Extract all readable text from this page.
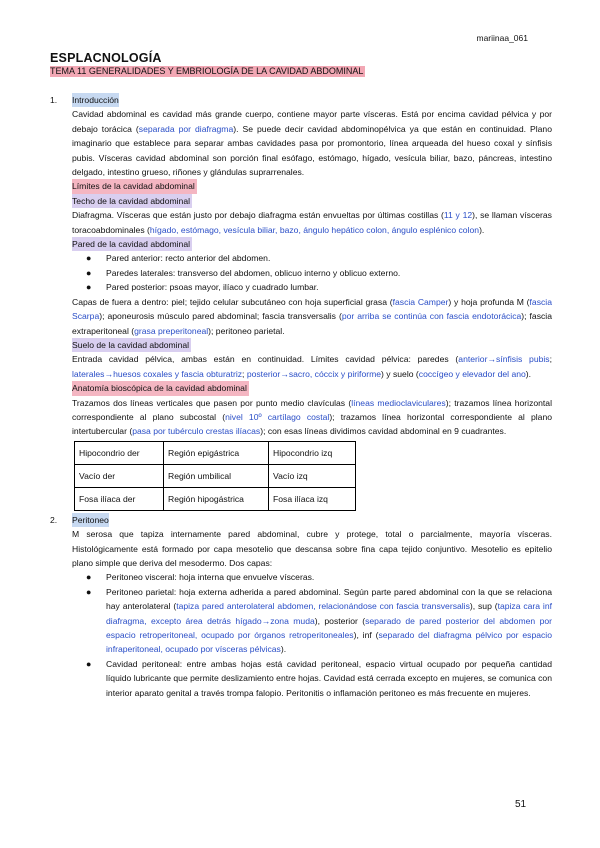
mariinaa_061
ESPLACNOLOGÍA
TEMA 11 GENERALIDADES Y EMBRIOLOGÍA DE LA CAVIDAD ABDOMINAL
1.	Introducción
Cavidad abdominal es cavidad más grande cuerpo, contiene mayor parte vísceras. Está por encima cavidad pélvica y por debajo torácica (separada por diafragma). Se puede decir cavidad abdominopélvica ya que están en continuidad. Plano imaginario que establece para separar ambas cavidades pasa por promontorio, línea arqueada del hueso coxal y sínfisis pubis. Vísceras cavidad abdominal son porción final esófago, estómago, hígado, vesícula biliar, bazo, páncreas, intestino delgado, intestino grueso, riñones y glándulas suprarrenales.
Límites de la cavidad abdominal
Techo de la cavidad abdominal
Diafragma. Vísceras que están justo por debajo diafragma están envueltas por últimas costillas (11 y 12), se llaman vísceras toracoabdominales (hígado, estómago, vesícula biliar, bazo, ángulo hepático colon, ángulo esplénico colon).
Pared de la cavidad abdominal
● Pared anterior: recto anterior del abdomen.
● Paredes laterales: transverso del abdomen, oblicuo interno y oblicuo externo.
● Pared posterior: psoas mayor, ilíaco y cuadrado lumbar.
Capas de fuera a dentro: piel; tejido celular subcutáneo con hoja superficial grasa (fascia Camper) y hoja profunda M (fascia Scarpa); aponeurosis músculo pared abdominal; fascia transversalis (por arriba se continúa con fascia endotorácica); fascia extraperitoneal (grasa preperitoneal); peritoneo parietal.
Suelo de la cavidad abdominal
Entrada cavidad pélvica, ambas están en continuidad. Límites cavidad pélvica: paredes (anterior→sínfisis pubis; laterales→huesos coxales y fascia obturatriz; posterior→sacro, cóccix y piriforme) y suelo (coccígeo y elevador del ano).
Anatomía bioscópica de la cavidad abdominal
Trazamos dos líneas verticales que pasen por punto medio clavículas (líneas medioclaviculares); trazamos línea horizontal correspondiente al plano subcostal (nivel 10º cartílago costal); trazamos línea horizontal correspondiente al plano intertubercular (pasa por tubérculo crestas ilíacas); con esas líneas dividimos cavidad abdominal en 9 cuadrantes.
Hipocondrio der	Región epigástrica	Hipocondrio izq
Vacío der	Región umbilical	Vacío izq
Fosa ilíaca der	Región hipogástrica	Fosa ilíaca izq
2.	Peritoneo
M serosa que tapiza internamente pared abdominal, cubre y protege, total o parcialmente, mayoría vísceras. Histológicamente está formado por capa mesotelio que descansa sobre fina capa tejido conjuntivo. Mesotelio es epitelio plano simple que deriva del mesodermo. Dos capas:
● Peritoneo visceral: hoja interna que envuelve vísceras.
● Peritoneo parietal: hoja externa adherida a pared abdominal. Según parte pared abdominal con la que se relaciona hay anterolateral (tapiza pared anterolateral abdomen, relacionándose con fascia transversalis), sup (tapiza cara inf diafragma, excepto área detrás hígado→zona muda), posterior (separado de pared posterior del abdomen por espacio retroperitoneal, ocupado por órganos retroperitoneales), inf (separado del diafragma pélvico por espacio infraperitoneal, ocupado por vísceras pélvicas).
● Cavidad peritoneal: entre ambas hojas está cavidad peritoneal, espacio virtual ocupado por pequeña cantidad líquido lubricante que permite deslizamiento entre hojas. Cavidad está cerrada excepto en mujeres, se comunica con interior aparato genital a través trompa falopio. Peritonitis o inflamación peritoneo es más frecuente en mujeres.
51
